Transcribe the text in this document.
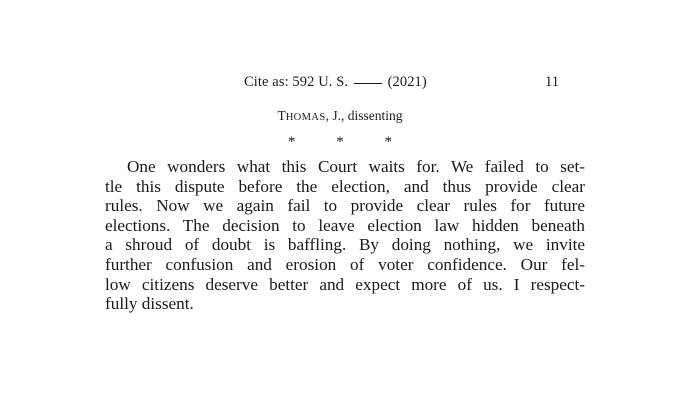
Cite as: 592 U. S.	(2021)	11
THOMAS, J., dissenting
*	*	*
One wonders what this Court waits for. We failed to set-
tle this dispute before the election, and thus provide clear
rules. Now we again fail to provide clear rules for future
elections. The decision to leave election law hidden beneath
a shroud of doubt is baffling. By doing nothing, we invite
further confusion and erosion of voter confidence. Our fel-
low citizens deserve better and expect more of us. I respect-
fully dissent.
